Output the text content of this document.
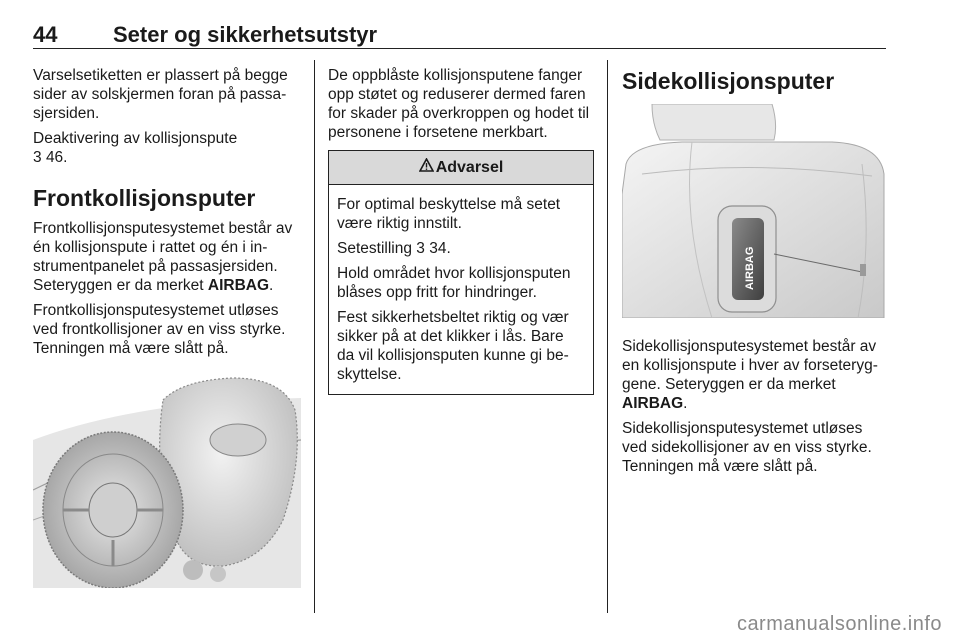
44	Seter og sikkerhetsutstyr

Varselsetiketten er plassert på begge sider av solskjermen foran på passa-sjersiden.

Deaktivering av kollisjonspute
3 46.

Frontkollisjonsputer

Frontkollisjonsputesystemet består av én kollisjonspute i rattet og én i in-strumentpanelet på passasjersiden. Seteryggen er da merket AIRBAG.

Frontkollisjonsputesystemet utløses ved frontkollisjoner av en viss styrke. Tenningen må være slått på.

De oppblåste kollisjonsputene fanger opp støtet og reduserer dermed faren for skader på overkroppen og hodet til personene i forsetene merkbart.

Advarsel

For optimal beskyttelse må setet være riktig innstilt.

Setestilling 3 34.

Hold området hvor kollisjonsputen blåses opp fritt for hindringer.

Fest sikkerhetsbeltet riktig og vær sikker på at det klikker i lås. Bare da vil kollisjonsputen kunne gi be-skyttelse.

Sidekollisjonsputer
AIRBAG

Sidekollisjonsputesystemet består av en kollisjonspute i hver av forseteryg-gene. Seteryggen er da merket
AIRBAG.

Sidekollisjonsputesystemet utløses ved sidekollisjoner av en viss styrke. Tenningen må være slått på.

carmanualsonline.info
